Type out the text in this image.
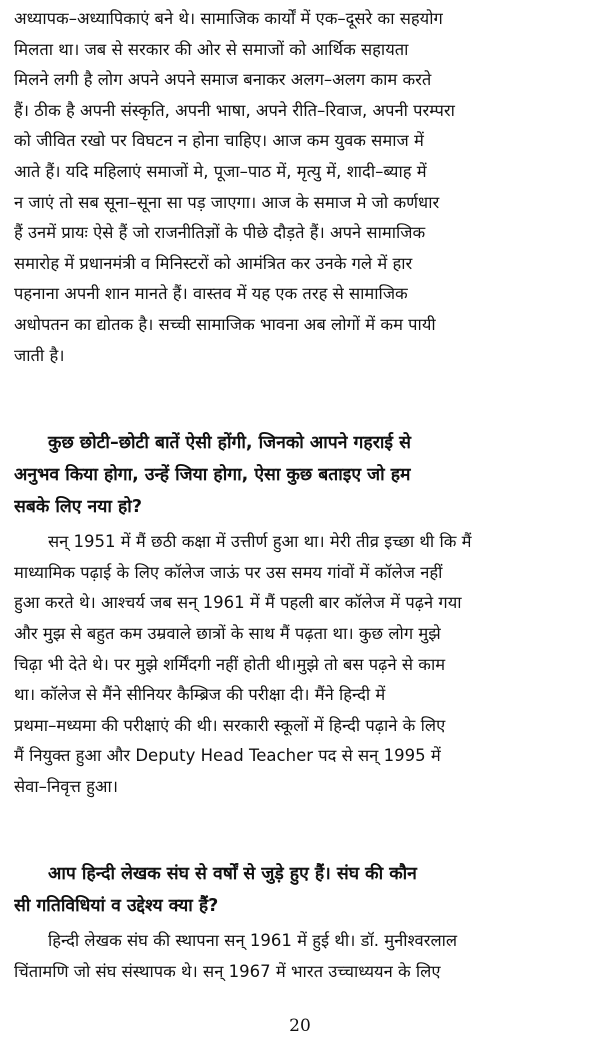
अध्यापक–अध्यापिकाएं बने थे। सामाजिक कार्यों में एक–दूसरे का सहयोग
मिलता था। जब से सरकार की ओर से समाजों को आर्थिक सहायता
मिलने लगी है लोग अपने अपने समाज बनाकर अलग–अलग काम करते
हैं। ठीक है अपनी संस्कृति, अपनी भाषा, अपने रीति–रिवाज, अपनी परम्परा
को जीवित रखो पर विघटन न होना चाहिए। आज कम युवक समाज में
आते हैं। यदि महिलाएं समाजों मे, पूजा–पाठ में, मृत्यु में, शादी–ब्याह में
न जाएं तो सब सूना–सूना सा पड़ जाएगा। आज के समाज मे जो कर्णधार
हैं उनमें प्रायः ऐसे हैं जो राजनीतिज्ञों के पीछे दौड़ते हैं। अपने सामाजिक
समारोह में प्रधानमंत्री व मिनिस्टरों को आमंत्रित कर उनके गले में हार
पहनाना अपनी शान मानते हैं। वास्तव में यह एक तरह से सामाजिक
अधोपतन का द्योतक है। सच्ची सामाजिक भावना अब लोगों में कम पायी
जाती है।
कुछ छोटी–छोटी बातें ऐसी होंगी, जिनको आपने गहराई से
अनुभव किया होगा, उन्हें जिया होगा, ऐसा कुछ बताइए जो हम
सबके लिए नया हो?
सन् 1951 में मैं छठी कक्षा में उत्तीर्ण हुआ था। मेरी तीव्र इच्छा थी कि मैं
माध्यामिक पढ़ाई के लिए कॉलेज जाऊं पर उस समय गांवों में कॉलेज नहीं
हुआ करते थे। आश्चर्य जब सन् 1961 में मैं पहली बार कॉलेज में पढ़ने गया
और मुझ से बहुत कम उम्रवाले छात्रों के साथ मैं पढ़ता था। कुछ लोग मुझे
चिढ़ा भी देते थे। पर मुझे शर्मिंदगी नहीं होती थी।मुझे तो बस पढ़ने से काम
था। कॉलेज से मैंने सीनियर कैम्ब्रिज की परीक्षा दी। मैंने हिन्दी में
प्रथमा–मध्यमा की परीक्षाएं की थी। सरकारी स्कूलों में हिन्दी पढ़ाने के लिए
मैं नियुक्त हुआ और Deputy Head Teacher पद से सन् 1995 में
सेवा–निवृत्त हुआ।
आप हिन्दी लेखक संघ से वर्षों से जुड़े हुए हैं। संघ की कौन
सी गतिविधियां व उद्देश्य क्या हैं?
हिन्दी लेखक संघ की स्थापना सन् 1961 में हुई थी। डॉ. मुनीश्वरलाल
चिंतामणि जो संघ संस्थापक थे। सन् 1967 में भारत उच्चाध्ययन के लिए
20
